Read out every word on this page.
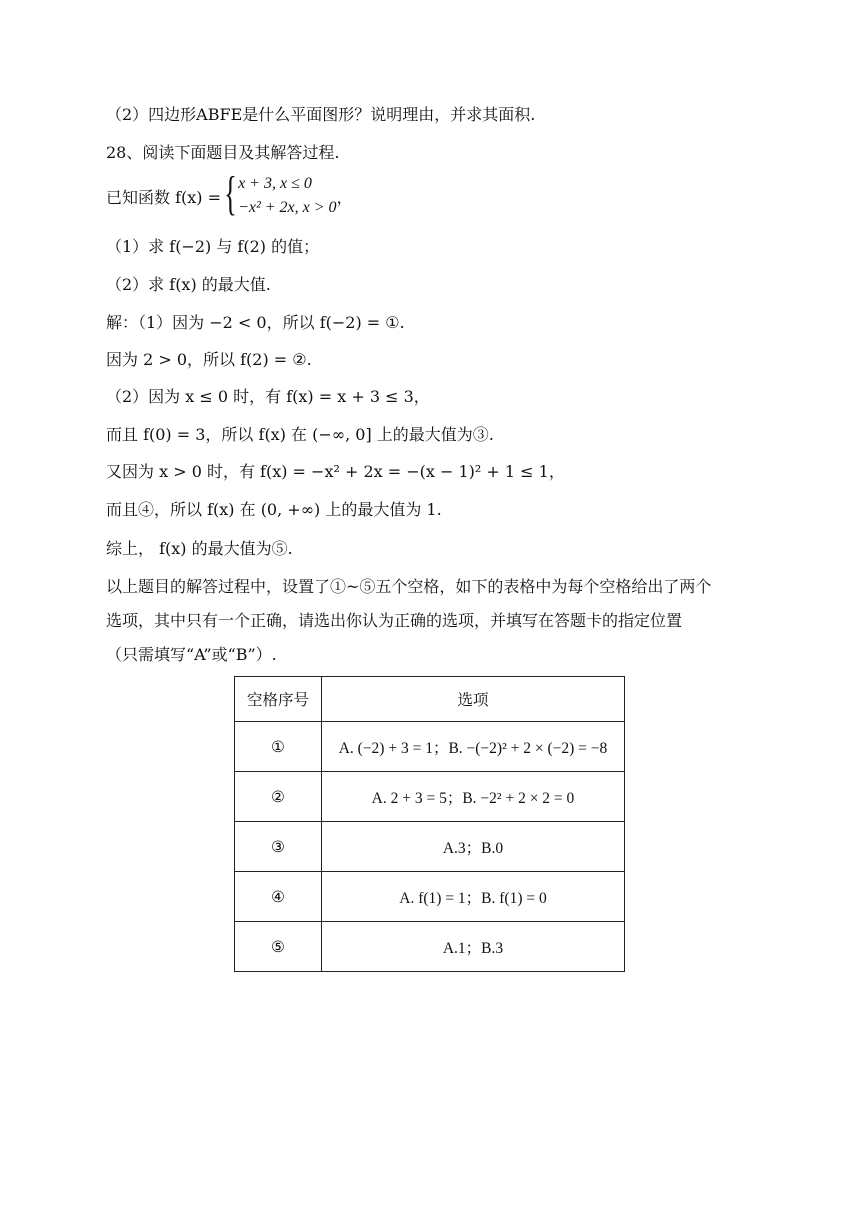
（2）四边形ABFE是什么平面图形？说明理由，并求其面积.
28、阅读下面题目及其解答过程.
已知函数 f(x) = { x + 3, x ≤ 0
−x² + 2x, x > 0
，
（1）求 f(−2) 与 f(2) 的值；
（2）求 f(x) 的最大值.
解：（1）因为 −2 < 0，所以 f(−2) = ①.
因为 2 > 0，所以 f(2) = ②.
（2）因为 x ≤ 0 时，有 f(x) = x + 3 ≤ 3，
而且 f(0) = 3，所以 f(x) 在 (−∞, 0] 上的最大值为③.
又因为 x > 0 时，有 f(x) = −x² + 2x = −(x − 1)² + 1 ≤ 1，
而且④，所以 f(x) 在 (0, +∞) 上的最大值为 1.
综上， f(x) 的最大值为⑤.
以上题目的解答过程中，设置了①~⑤五个空格，如下的表格中为每个空格给出了两个
选项，其中只有一个正确，请选出你认为正确的选项，并填写在答题卡的指定位置
（只需填写“A”或“B”）.
空格序号	选项
①	A. (−2) + 3 = 1；B. −(−2)² + 2 × (−2) = −8
②	A. 2 + 3 = 5；B. −2² + 2 × 2 = 0
③	A.3；B.0
④	A. f(1) = 1；B. f(1) = 0
⑤	A.1；B.3
